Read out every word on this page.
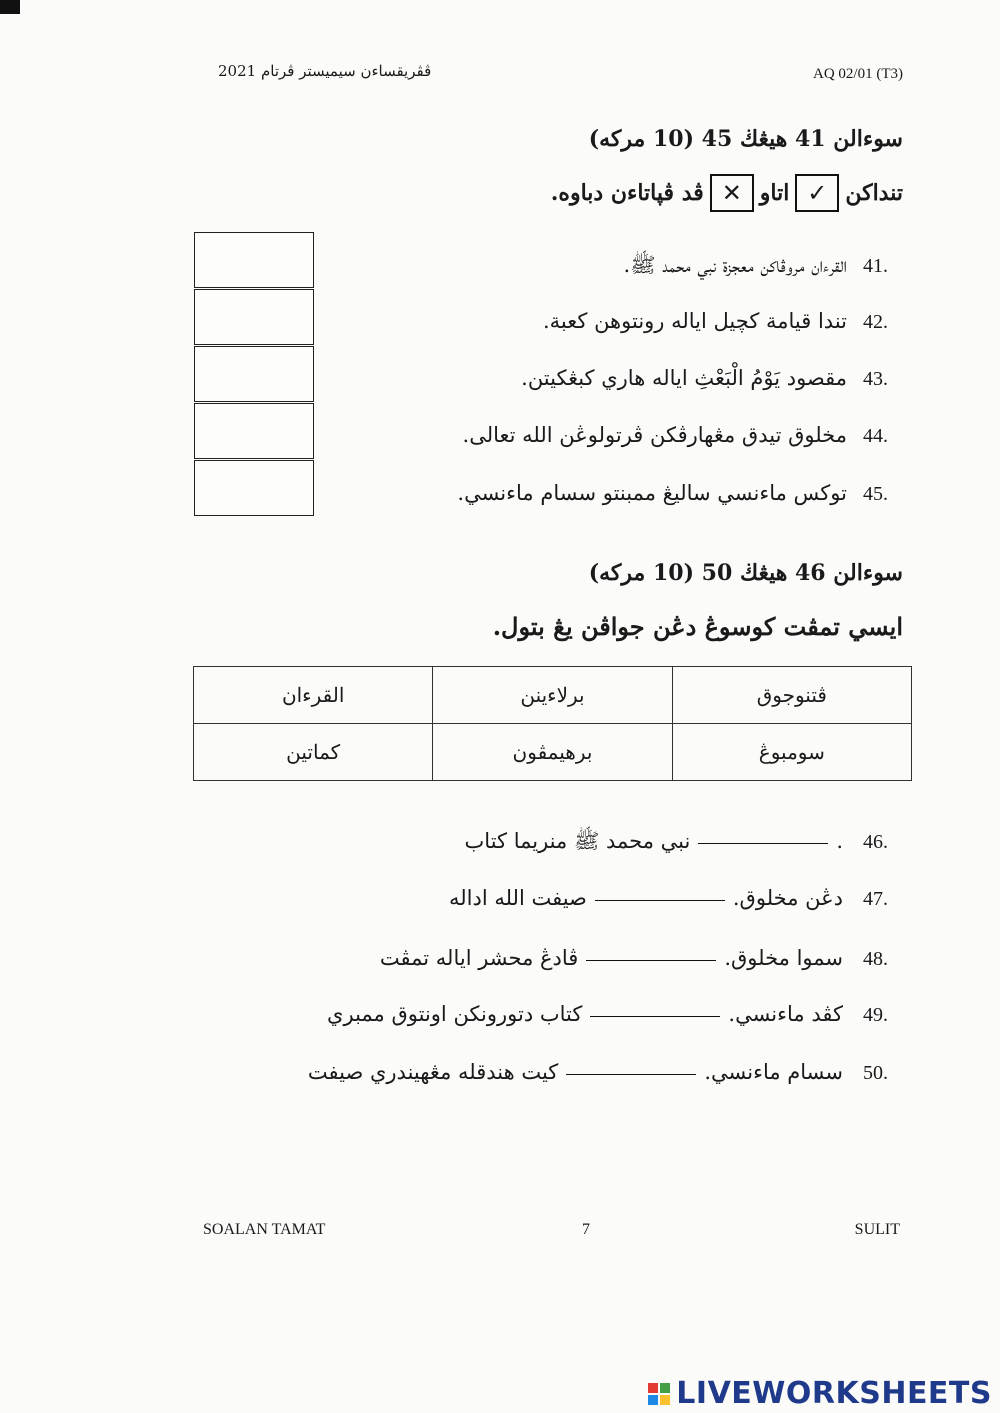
AQ 02/01 (T3)
ڤڤريقساءن سيميستر ڤرتام 2021
سوءالن 41 هيڠڬ 45 (10 مرکه)
تنداکن
✓
اتاو
✕
ڤد ڤپاتاءن دباوه.
41.
القرءان مروڤاکن معجزة نبي محمد ﷺ.
42.
تندا قيامة کچيل اياله رونتوهن کعبة.
43.
مقصود يَوْمُ الْبَعْثِ اياله هاري کبڠکيتن.
44.
مخلوق تيدق مڠهارڤکن ڤرتولوڠن الله تعالى.
45.
توکس ماءنسي ساليڠ ممبنتو سسام ماءنسي.
سوءالن 46 هيڠڬ 50 (10 مرکه)
ايسي تمڤت کوسوڠ دڠن جواڤن يڠ بتول.
القرءان	برلاءينن	ڤتنوجوق
کماتين	برهيمڤون	سومبوڠ
46.
نبي محمد ﷺ منريما کتاب	.
47.
صيفت الله اداله	دڠن مخلوق.
48.
ڤادڠ محشر اياله تمڤت	سموا مخلوق.
49.
کتاب دتورونکن اونتوق ممبري	کڤد ماءنسي.
50.
کيت هندقله مڠهيندري صيفت	سسام ماءنسي.
SOALAN TAMAT	7	SULIT
LIVEWORKSHEETS
